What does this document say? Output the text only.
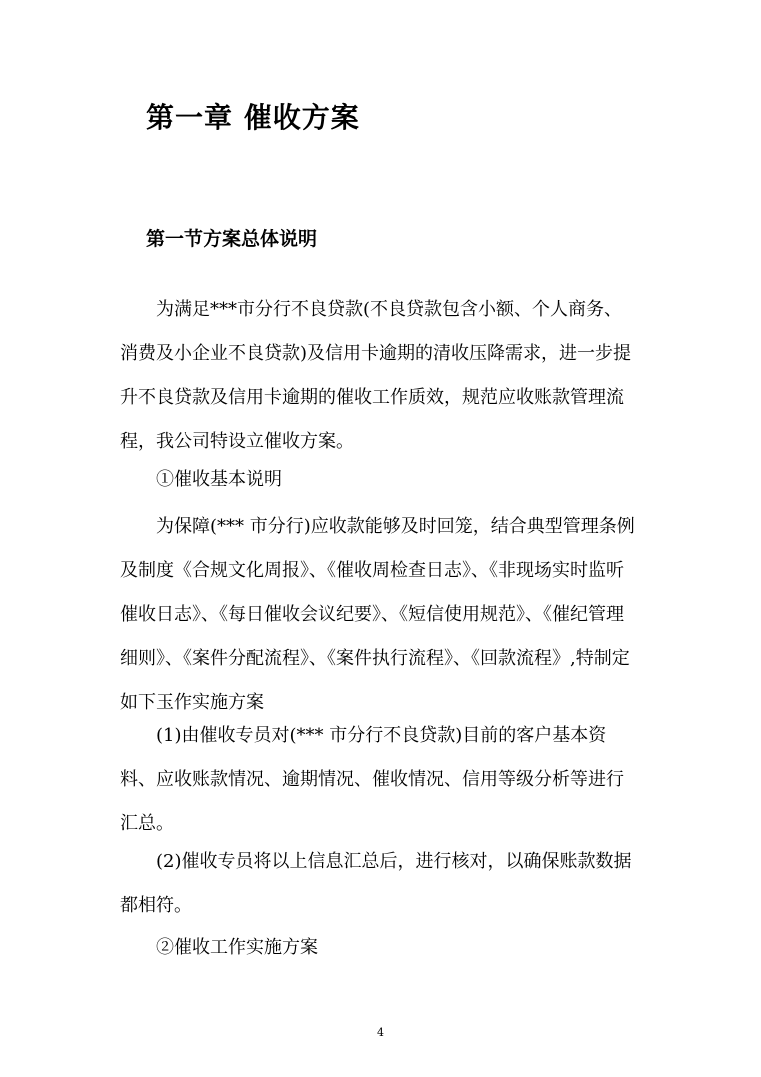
第一章 催收方案
第一节方案总体说明

为满足***市分行不良贷款(不良贷款包含小额、个人商务、消费及小企业不良贷款)及信用卡逾期的清收压降需求，进一步提升不良贷款及信用卡逾期的催收工作质效，规范应收账款管理流程，我公司特设立催收方案。

①催收基本说明

为保障(*** 市分行)应收款能够及时回笼，结合典型管理条例及制度《合规文化周报》、《催收周检查日志》、《非现场实时监听催收日志》、《每日催收会议纪要》、《短信使用规范》、《催纪管理细则》、《案件分配流程》、《案件执行流程》、《回款流程》,特制定如下玉作实施方案

(1)由催收专员对(*** 市分行不良贷款)目前的客户基本资料、应收账款情况、逾期情况、催收情况、信用等级分析等进行汇总。

(2)催收专员将以上信息汇总后，进行核对，以确保账款数据都相符。

②催收工作实施方案
4
